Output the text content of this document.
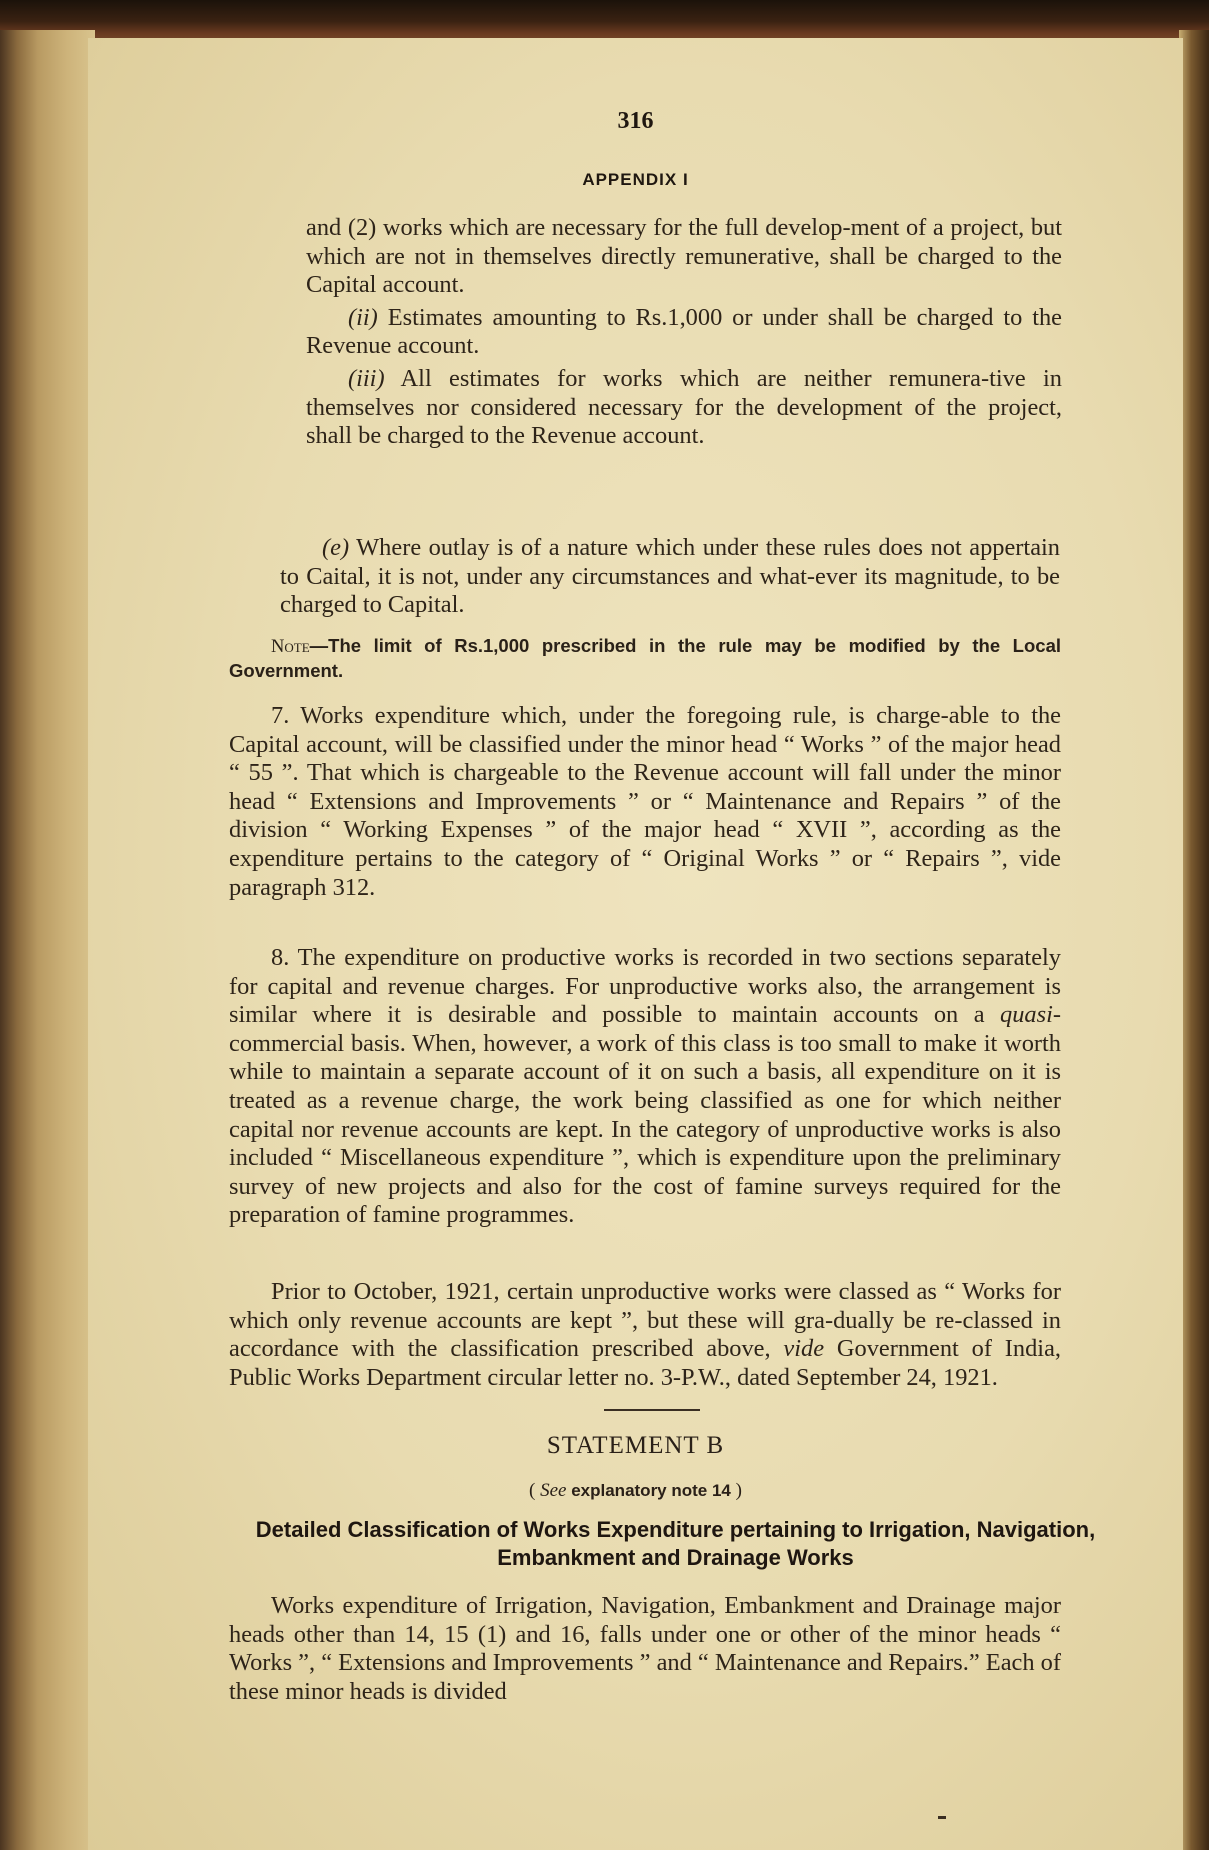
316
APPENDIX I

and (2) works which are necessary for the full develop-ment of a project, but which are not in themselves directly remunerative, shall be charged to the Capital account.

(ii) Estimates amounting to Rs.1,000 or under shall be charged to the Revenue account.

(iii) All estimates for works which are neither remunera-tive in themselves nor considered necessary for the development of the project, shall be charged to the Revenue account.

(e) Where outlay is of a nature which under these rules does not appertain to Caital, it is not, under any circumstances and what-ever its magnitude, to be charged to Capital.

Note—The limit of Rs.1,000 prescribed in the rule may be modified by the Local Government.

7. Works expenditure which, under the foregoing rule, is charge-able to the Capital account, will be classified under the minor head “ Works ” of the major head “ 55 ”. That which is chargeable to the Revenue account will fall under the minor head “ Extensions and Improvements ” or “ Maintenance and Repairs ” of the division “ Working Expenses ” of the major head “ XVII ”, according as the expenditure pertains to the category of “ Original Works ” or “ Repairs ”, vide paragraph 312.

8. The expenditure on productive works is recorded in two sections separately for capital and revenue charges. For unproductive works also, the arrangement is similar where it is desirable and possible to maintain accounts on a quasi-commercial basis. When, however, a work of this class is too small to make it worth while to maintain a separate account of it on such a basis, all expenditure on it is treated as a revenue charge, the work being classified as one for which neither capital nor revenue accounts are kept. In the category of unproductive works is also included “ Miscellaneous expenditure ”, which is expenditure upon the preliminary survey of new projects and also for the cost of famine surveys required for the preparation of famine programmes.

Prior to October, 1921, certain unproductive works were classed as “ Works for which only revenue accounts are kept ”, but these will gra-dually be re-classed in accordance with the classification prescribed above, vide Government of India, Public Works Department circular letter no. 3-P.W., dated September 24, 1921.

STATEMENT B
( See explanatory note 14 )
Detailed Classification of Works Expenditure pertaining to Irrigation, Navigation, Embankment and Drainage Works

Works expenditure of Irrigation, Navigation, Embankment and Drainage major heads other than 14, 15 (1) and 16, falls under one or other of the minor heads “ Works ”, “ Extensions and Improvements ” and “ Maintenance and Repairs.” Each of these minor heads is divided
